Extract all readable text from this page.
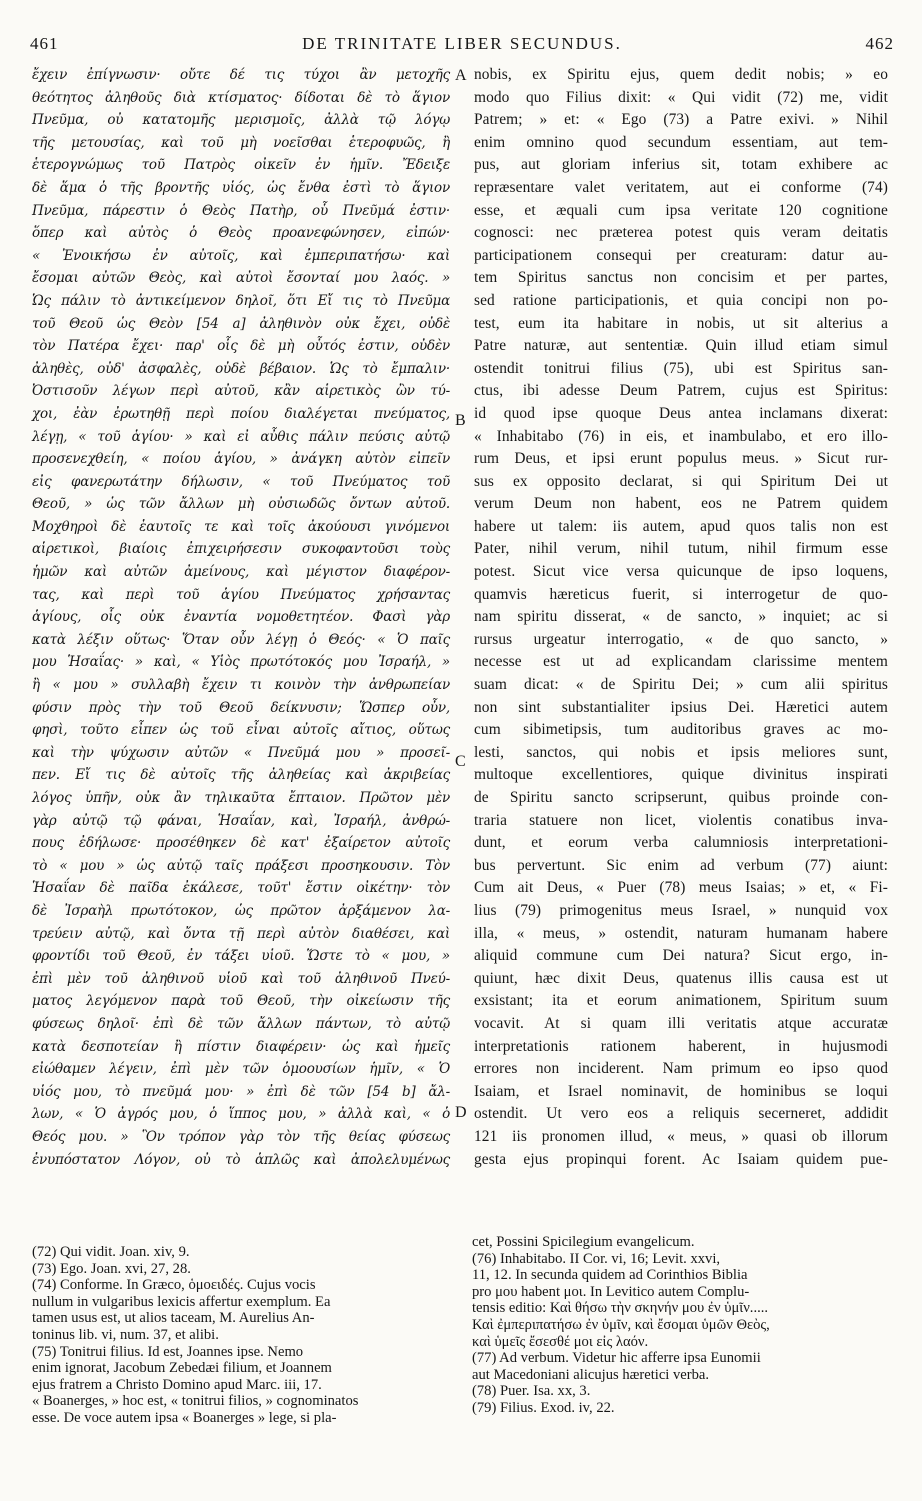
461	DE TRINITATE LIBER SECUNDUS.	462
ἔχειν ἐπίγνωσιν· οὔτε δέ τις τύχοι ἂν μετοχῆς
θεότητος ἀληθοῦς διὰ κτίσματος· δίδοται δὲ τὸ ἅγιον
Πνεῦμα, οὐ κατατομῆς μερισμοῖς, ἀλλὰ τῷ λόγῳ
τῆς μετουσίας, καὶ τοῦ μὴ νοεῖσθαι ἑτεροφυῶς, ἢ
ἑτερογνώμως τοῦ Πατρὸς οἰκεῖν ἐν ἡμῖν. Ἔδειξε
δὲ ἅμα ὁ τῆς βροντῆς υἱός, ὡς ἔνθα ἐστὶ τὸ ἅγιον
Πνεῦμα, πάρεστιν ὁ Θεὸς Πατὴρ, οὗ Πνεῦμά ἐστιν·
ὅπερ καὶ αὐτὸς ὁ Θεὸς προανεφώνησεν, εἰπών·
« Ἐνοικήσω ἐν αὐτοῖς, καὶ ἐμπεριπατήσω· καὶ
ἔσομαι αὐτῶν Θεὸς, καὶ αὐτοὶ ἔσονταί μου λαός. »
Ὡς πάλιν τὸ ἀντικείμενον δηλοῖ, ὅτι Εἴ τις τὸ Πνεῦμα
τοῦ Θεοῦ ὡς Θεὸν [54 a] ἀληθινὸν οὐκ ἔχει, οὐδὲ
τὸν Πατέρα ἔχει· παρ' οἷς δὲ μὴ οὗτός ἐστιν, οὐδὲν
ἀληθὲς, οὐδ' ἀσφαλὲς, οὐδὲ βέβαιον. Ὡς τὸ ἔμπαλιν·
Ὀστισοῦν λέγων περὶ αὐτοῦ, κἂν αἱρετικὸς ὢν τύ-
χοι, ἐὰν ἐρωτηθῇ περὶ ποίου διαλέγεται πνεύματος,
λέγῃ, « τοῦ ἁγίου· » καὶ εἰ αὖθις πάλιν πεύσις αὐτῷ
προσενεχθείη, « ποίου ἁγίου, » ἀνάγκη αὐτὸν εἰπεῖν
εἰς φανερωτάτην δήλωσιν, « τοῦ Πνεύματος τοῦ
Θεοῦ, » ὡς τῶν ἄλλων μὴ οὐσιωδῶς ὄντων αὐτοῦ.
Μοχθηροὶ δὲ ἑαυτοῖς τε καὶ τοῖς ἀκούουσι γινόμενοι
αἱρετικοὶ, βιαίοις ἐπιχειρήσεσιν συκοφαντοῦσι τοὺς
ἡμῶν καὶ αὐτῶν ἀμείνους, καὶ μέγιστον διαφέρον-
τας, καὶ περὶ τοῦ ἁγίου Πνεύματος χρήσαντας
ἁγίους, οἷς οὐκ ἐναντία νομοθετητέον. Φασὶ γὰρ
κατὰ λέξιν οὕτως· Ὅταν οὖν λέγῃ ὁ Θεός· « Ὁ παῖς
μου Ἡσαΐας· » καὶ, « Υἱὸς πρωτότοκός μου Ἰσραήλ, »
ἢ « μου » συλλαβὴ ἔχειν τι κοινὸν τὴν ἀνθρωπείαν
φύσιν πρὸς τὴν τοῦ Θεοῦ δείκνυσιν; Ὥσπερ οὖν,
φησὶ, τοῦτο εἶπεν ὡς τοῦ εἶναι αὐτοῖς αἴτιος, οὕτως
καὶ τὴν ψύχωσιν αὐτῶν « Πνεῦμά μου » προσεῖ-
πεν. Εἴ τις δὲ αὐτοῖς τῆς ἀληθείας καὶ ἀκριβείας
λόγος ὑπῆν, οὐκ ἂν τηλικαῦτα ἔπταιον. Πρῶτον μὲν
γὰρ αὐτῷ τῷ φάναι, Ἡσαΐαν, καὶ, Ἰσραήλ, ἀνθρώ-
πους ἐδήλωσε· προσέθηκεν δὲ κατ' ἐξαίρετον αὐτοῖς
τὸ « μου » ὡς αὐτῷ ταῖς πράξεσι προσηκουσιν. Τὸν
Ἡσαΐαν δὲ παῖδα ἐκάλεσε, τοῦτ' ἔστιν οἰκέτην· τὸν
δὲ Ἰσραὴλ πρωτότοκον, ὡς πρῶτον ἀρξάμενον λα-
τρεύειν αὐτῷ, καὶ ὄντα τῇ περὶ αὐτὸν διαθέσει, καὶ
φροντίδι τοῦ Θεοῦ, ἐν τάξει υἱοῦ. Ὥστε τὸ « μου, »
ἐπὶ μὲν τοῦ ἀληθινοῦ υἱοῦ καὶ τοῦ ἀληθινοῦ Πνεύ-
ματος λεγόμενον παρὰ τοῦ Θεοῦ, τὴν οἰκείωσιν τῆς
φύσεως δηλοῖ· ἐπὶ δὲ τῶν ἄλλων πάντων, τὸ αὐτῷ
κατὰ δεσποτείαν ἢ πίστιν διαφέρειν· ὡς καὶ ἡμεῖς
εἰώθαμεν λέγειν, ἐπὶ μὲν τῶν ὁμοουσίων ἡμῖν, « Ὁ
υἱός μου, τὸ πνεῦμά μου· » ἐπὶ δὲ τῶν [54 b] ἄλ-
λων, « Ὁ ἀγρός μου, ὁ ἵππος μου, » ἀλλὰ καὶ, « ὁ
Θεός μου. » Ὃν τρόπον γὰρ τὸν τῆς θείας φύσεως
ἐνυπόστατον Λόγον, οὐ τὸ ἁπλῶς καὶ ἀπολελυμένως
nobis, ex Spiritu ejus, quem dedit nobis; » eo
modo quo Filius dixit: « Qui vidit (72) me, vidit
Patrem; » et: « Ego (73) a Patre exivi. » Nihil
enim omnino quod secundum essentiam, aut tem-
pus, aut gloriam inferius sit, totam exhibere ac
repræsentare valet veritatem, aut ei conforme (74)
esse, et æquali cum ipsa veritate 120 cognitione
cognosci: nec præterea potest quis veram deitatis
participationem consequi per creaturam: datur au-
tem Spiritus sanctus non concisim et per partes,
sed ratione participationis, et quia concipi non po-
test, eum ita habitare in nobis, ut sit alterius a
Patre naturæ, aut sententiæ. Quin illud etiam simul
ostendit tonitrui filius (75), ubi est Spiritus san-
ctus, ibi adesse Deum Patrem, cujus est Spiritus:
id quod ipse quoque Deus antea inclamans dixerat:
« Inhabitabo (76) in eis, et inambulabo, et ero illo-
rum Deus, et ipsi erunt populus meus. » Sicut rur-
sus ex opposito declarat, si qui Spiritum Dei ut
verum Deum non habent, eos ne Patrem quidem
habere ut talem: iis autem, apud quos talis non est
Pater, nihil verum, nihil tutum, nihil firmum esse
potest. Sicut vice versa quicunque de ipso loquens,
quamvis hæreticus fuerit, si interrogetur de quo-
nam spiritu disserat, « de sancto, » inquiet; ac si
rursus urgeatur interrogatio, « de quo sancto, »
necesse est ut ad explicandam clarissime mentem
suam dicat: « de Spiritu Dei; » cum alii spiritus
non sint substantialiter ipsius Dei. Hæretici autem
cum sibimetipsis, tum auditoribus graves ac mo-
lesti, sanctos, qui nobis et ipsis meliores sunt,
multoque excellentiores, quique divinitus inspirati
de Spiritu sancto scripserunt, quibus proinde con-
traria statuere non licet, violentis conatibus inva-
dunt, et eorum verba calumniosis interpretationi-
bus pervertunt. Sic enim ad verbum (77) aiunt:
Cum ait Deus, « Puer (78) meus Isaias; » et, « Fi-
lius (79) primogenitus meus Israel, » nunquid vox
illa, « meus, » ostendit, naturam humanam habere
aliquid commune cum Dei natura? Sicut ergo, in-
quiunt, hæc dixit Deus, quatenus illis causa est ut
exsistant; ita et eorum animationem, Spiritum suum
vocavit. At si quam illi veritatis atque accuratæ
interpretationis rationem haberent, in hujusmodi
errores non inciderent. Nam primum eo ipso quod
Isaiam, et Israel nominavit, de hominibus se loqui
ostendit. Ut vero eos a reliquis secerneret, addidit
121 iis pronomen illud, « meus, » quasi ob illorum
gesta ejus propinqui forent. Ac Isaiam quidem pue-
A
B
C
D
(72) Qui vidit. Joan. xiv, 9.
(73) Ego. Joan. xvi, 27, 28.
(74) Conforme. In Græco, ὁμοειδές. Cujus vocis
nullum in vulgaribus lexicis affertur exemplum. Ea
tamen usus est, ut alios taceam, M. Aurelius An-
toninus lib. vi, num. 37, et alibi.
(75) Tonitrui filius. Id est, Joannes ipse. Nemo
enim ignorat, Jacobum Zebedæi filium, et Joannem
ejus fratrem a Christo Domino apud Marc. iii, 17.
« Boanerges, » hoc est, « tonitrui filios, » cognominatos
esse. De voce autem ipsa « Boanerges » lege, si pla-
cet, Possini Spicilegium evangelicum.
(76) Inhabitabo. II Cor. vi, 16; Levit. xxvi,
11, 12. In secunda quidem ad Corinthios Biblia
pro μου habent μοι. In Levitico autem Complu-
tensis editio: Καὶ θήσω τὴν σκηνήν μου ἐν ὑμῖν.....
Καὶ ἐμπεριπατήσω ἐν ὑμῖν, καὶ ἔσομαι ὑμῶν Θεὸς,
καὶ ὑμεῖς ἔσεσθέ μοι εἰς λαόν.
(77) Ad verbum. Videtur hic afferre ipsa Eunomii
aut Macedoniani alicujus hæretici verba.
(78) Puer. Isa. xx, 3.
(79) Filius. Exod. iv, 22.
